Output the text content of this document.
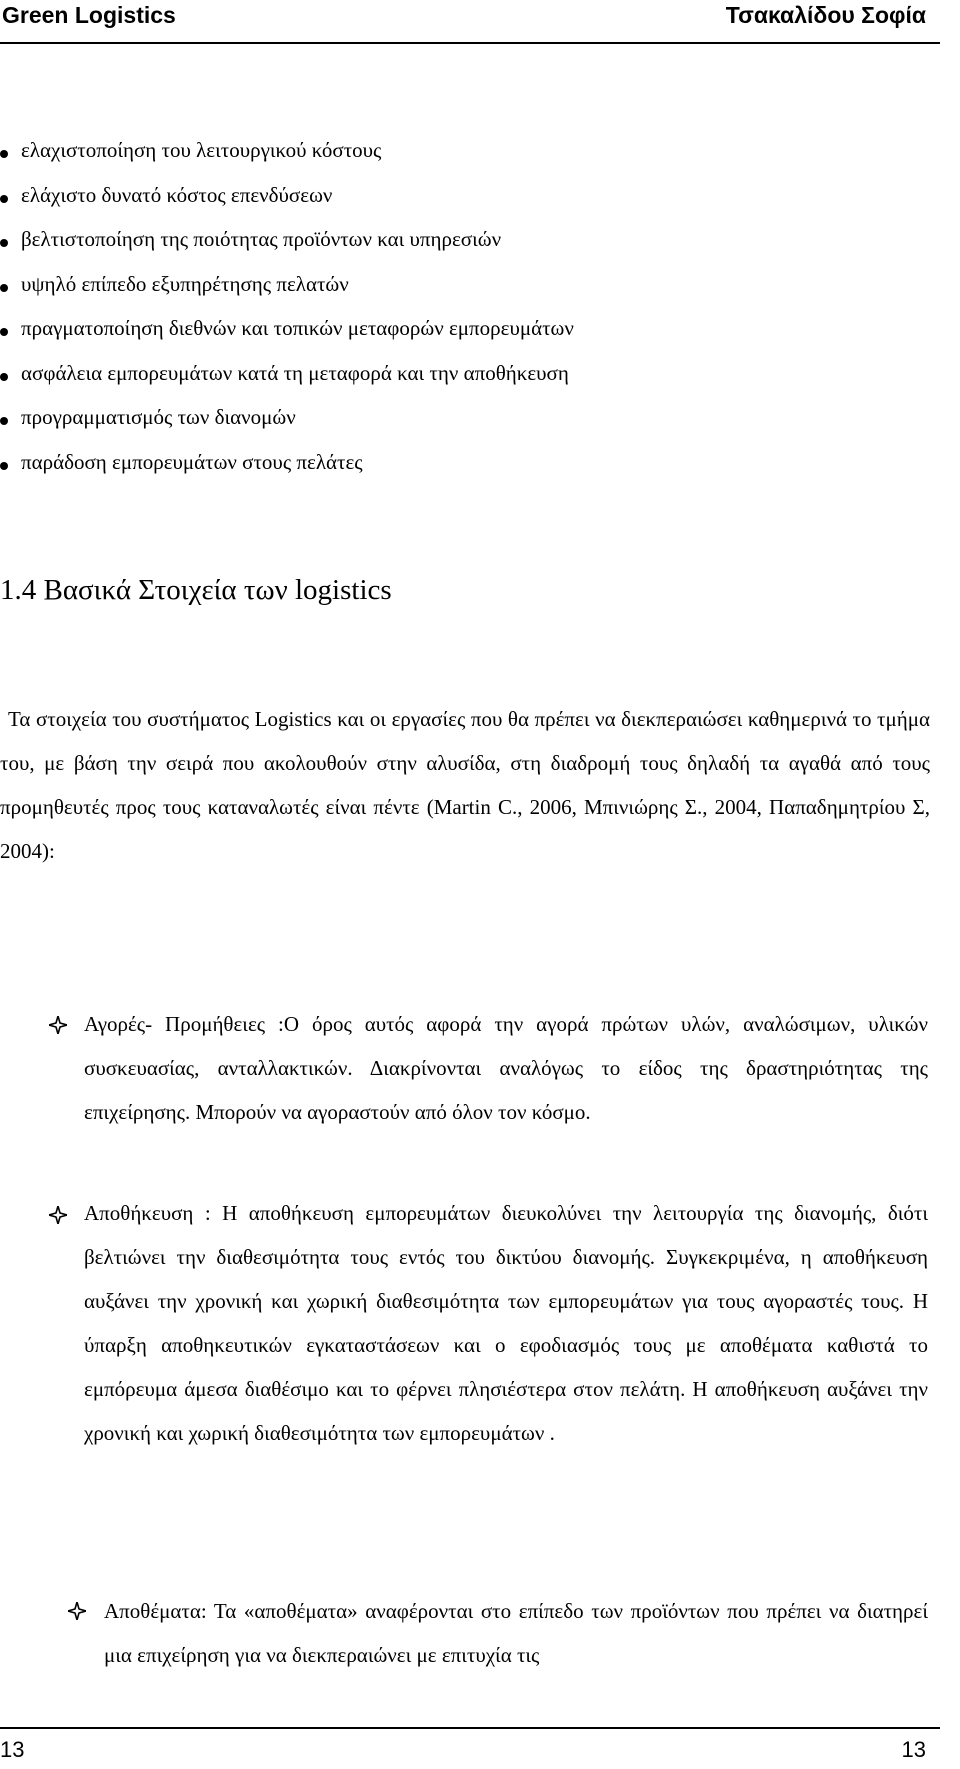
Green Logistics	Τσακαλίδου Σοφία
ελαχιστοποίηση του λειτουργικού κόστους
ελάχιστο δυνατό κόστος επενδύσεων
βελτιστοποίηση της ποιότητας προϊόντων και υπηρεσιών
υψηλό επίπεδο εξυπηρέτησης πελατών
πραγματοποίηση διεθνών και τοπικών μεταφορών εμπορευμάτων
ασφάλεια εμπορευμάτων κατά τη μεταφορά και την αποθήκευση
προγραμματισμός των διανομών
παράδοση εμπορευμάτων στους πελάτες
1.4 Βασικά Στοιχεία των logistics
Τα στοιχεία του συστήματος Logistics και οι εργασίες που θα πρέπει να διεκπεραιώσει καθημερινά το τμήμα του, με βάση την σειρά που ακολουθούν στην αλυσίδα, στη διαδρομή τους δηλαδή τα αγαθά από τους προμηθευτές προς τους καταναλωτές είναι πέντε (Martin C., 2006, Μπινιώρης Σ., 2004, Παπαδημητρίου Σ, 2004):
Αγορές- Προμήθειες :Ο όρος αυτός αφορά την αγορά πρώτων υλών, αναλώσιμων, υλικών συσκευασίας, ανταλλακτικών. Διακρίνονται αναλόγως το είδος της δραστηριότητας της επιχείρησης. Μπορούν να αγοραστούν από όλον τον κόσμο.
Αποθήκευση : Η αποθήκευση εμπορευμάτων διευκολύνει την λειτουργία της διανομής, διότι βελτιώνει την διαθεσιμότητα τους εντός του δικτύου διανομής. Συγκεκριμένα, η αποθήκευση αυξάνει την χρονική και χωρική διαθεσιμότητα των εμπορευμάτων για τους αγοραστές τους. Η ύπαρξη αποθηκευτικών εγκαταστάσεων και ο εφοδιασμός τους με αποθέματα καθιστά το εμπόρευμα άμεσα διαθέσιμο και το φέρνει πλησιέστερα στον πελάτη. Η αποθήκευση αυξάνει την χρονική και χωρική διαθεσιμότητα των εμπορευμάτων .
Αποθέματα: Τα «αποθέματα» αναφέρονται στο επίπεδο των προϊόντων που πρέπει να διατηρεί μια επιχείρηση για να διεκπεραιώνει με επιτυχία τις
13	13
